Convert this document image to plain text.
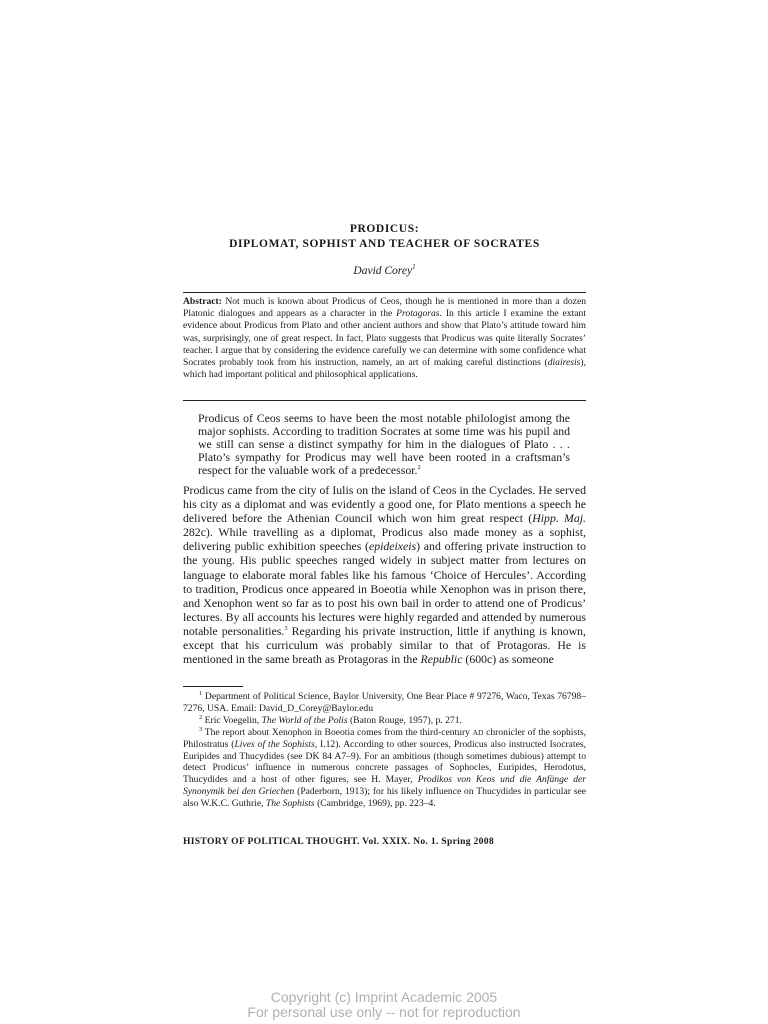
PRODICUS:
DIPLOMAT, SOPHIST AND TEACHER OF SOCRATES
David Corey$^1$
Abstract: Not much is known about Prodicus of Ceos, though he is mentioned in more than a dozen Platonic dialogues and appears as a character in the Protagoras. In this article I examine the extant evidence about Prodicus from Plato and other ancient authors and show that Plato’s attitude toward him was, surprisingly, one of great respect. In fact, Plato suggests that Prodicus was quite literally Socrates’ teacher. I argue that by considering the evidence carefully we can determine with some confidence what Socrates probably took from his instruction, namely, an art of making careful distinctions (diairesis), which had important political and philosophical applications.
Prodicus of Ceos seems to have been the most notable philologist among the major sophists. According to tradition Socrates at some time was his pupil and we still can sense a distinct sympathy for him in the dialogues of Plato . . . Plato’s sympathy for Prodicus may well have been rooted in a craftsman’s respect for the valuable work of a predecessor.$^2$
Prodicus came from the city of Iulis on the island of Ceos in the Cyclades. He served his city as a diplomat and was evidently a good one, for Plato mentions a speech he delivered before the Athenian Council which won him great respect (Hipp. Maj. 282c). While travelling as a diplomat, Prodicus also made money as a sophist, delivering public exhibition speeches (epideixeis) and offering private instruction to the young. His public speeches ranged widely in subject matter from lectures on language to elaborate moral fables like his famous ‘Choice of Hercules’. According to tradition, Prodicus once appeared in Boeotia while Xenophon was in prison there, and Xenophon went so far as to post his own bail in order to attend one of Prodicus’ lectures. By all accounts his lectures were highly regarded and attended by numerous notable personalities.$^3$ Regarding his private instruction, little if anything is known, except that his curriculum was probably similar to that of Protagoras. He is mentioned in the same breath as Protagoras in the Republic (600c) as someone

$^1$ Department of Political Science, Baylor University, One Bear Place # 97276, Waco, Texas 76798–7276, USA. Email: David_D_Corey@Baylor.edu

$^2$ Eric Voegelin, The World of the Polis (Baton Rouge, 1957), p. 271.

$^3$ The report about Xenophon in Boeotia comes from the third-century AD chronicler of the sophists, Philostratus (Lives of the Sophists, I.12). According to other sources, Prodicus also instructed Isocrates, Euripides and Thucydides (see DK 84 A7–9). For an ambitious (though sometimes dubious) attempt to detect Prodicus’ influence in numerous concrete passages of Sophocles, Euripides, Herodotus, Thucydides and a host of other figures, see H. Mayer, Prodikos von Keos und die Anfänge der Synonymik bei den Griechen (Paderborn, 1913); for his likely influence on Thucydides in particular see also W.K.C. Guthrie, The Sophists (Cambridge, 1969), pp. 223–4.

HISTORY OF POLITICAL THOUGHT. Vol. XXIX. No. 1. Spring 2008
Copyright (c) Imprint Academic 2005
For personal use only -- not for reproduction
